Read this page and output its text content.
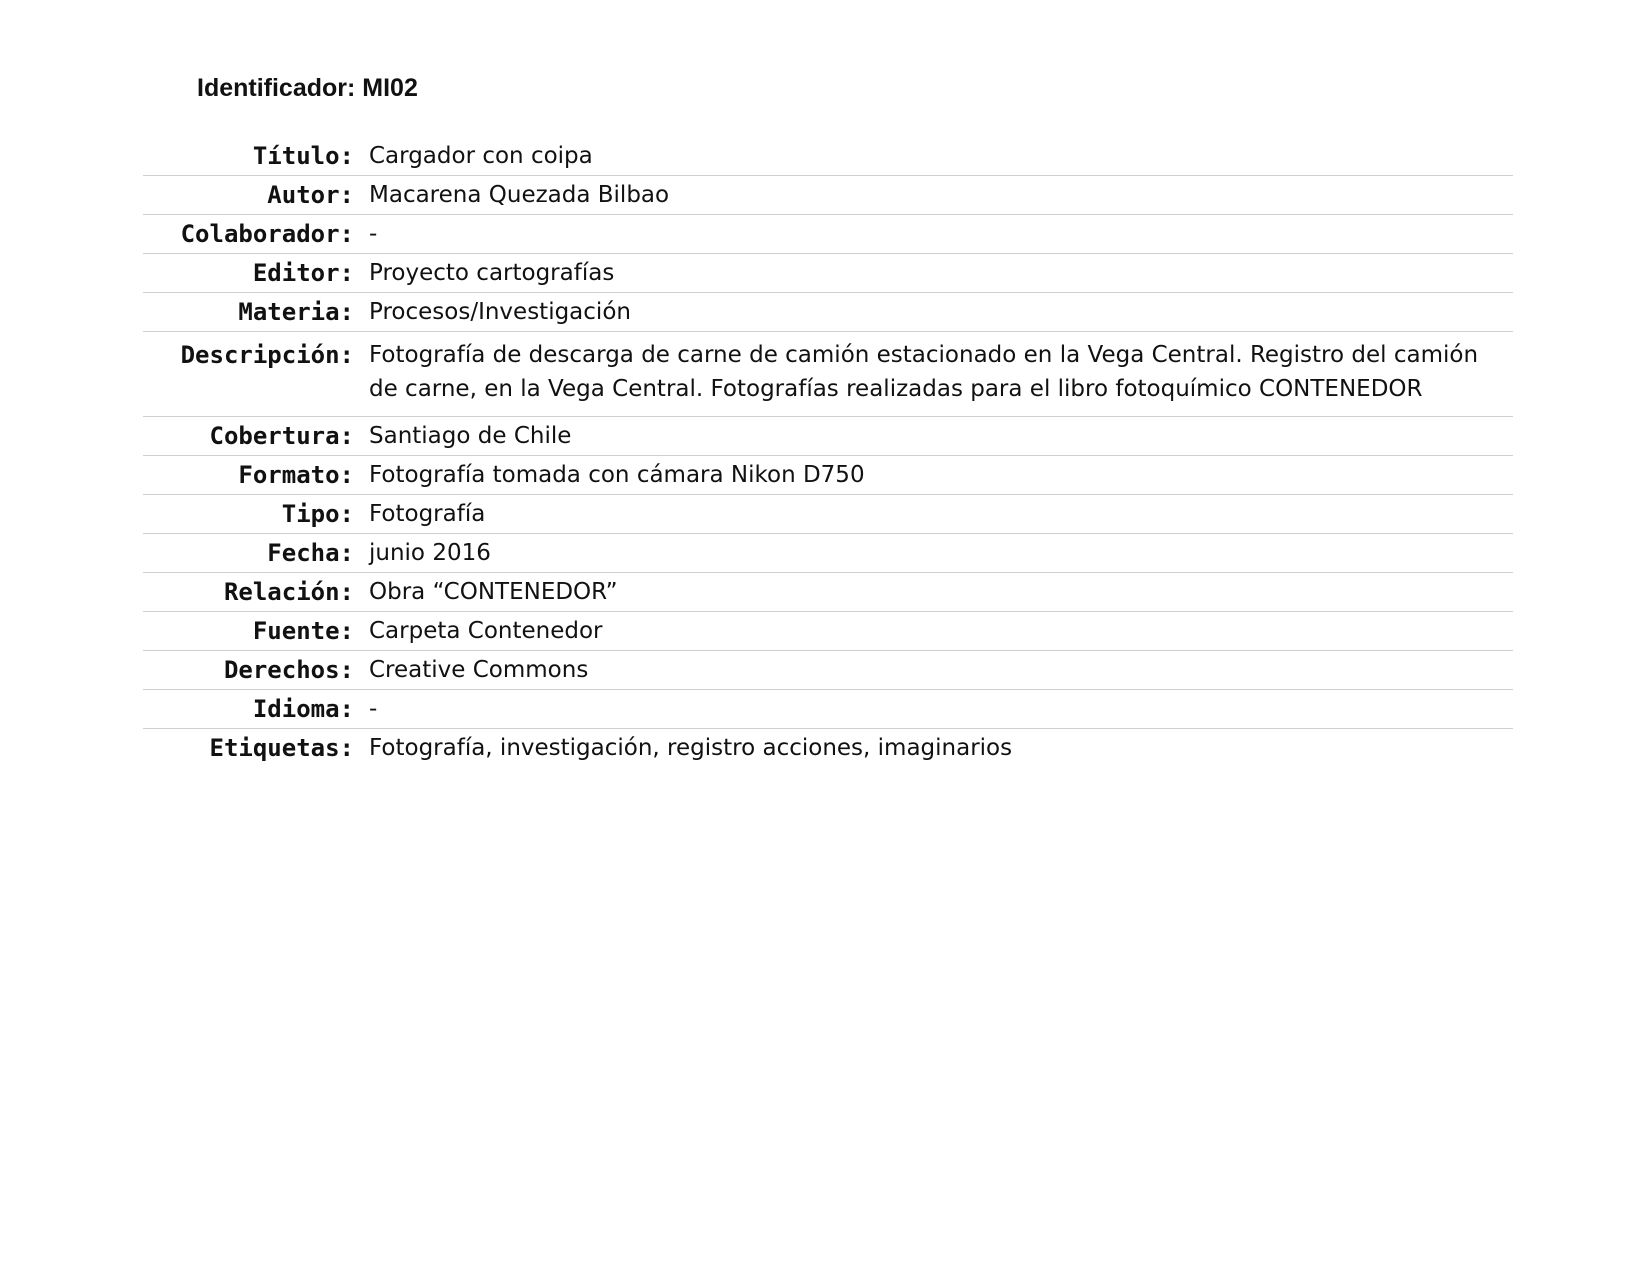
Identificador: MI02
Título: Cargador con coipa
Autor: Macarena Quezada Bilbao
Colaborador: -
Editor: Proyecto cartografías
Materia: Procesos/Investigación
Descripción: Fotografía de descarga de carne de camión estacionado en la Vega Central. Registro del camión de carne, en la Vega Central. Fotografías realizadas para el libro fotoquímico CONTENEDOR
Cobertura: Santiago de Chile
Formato: Fotografía tomada con cámara Nikon D750
Tipo: Fotografía
Fecha: junio 2016
Relación: Obra “CONTENEDOR”
Fuente: Carpeta Contenedor
Derechos: Creative Commons
Idioma: -
Etiquetas: Fotografía, investigación, registro acciones, imaginarios
